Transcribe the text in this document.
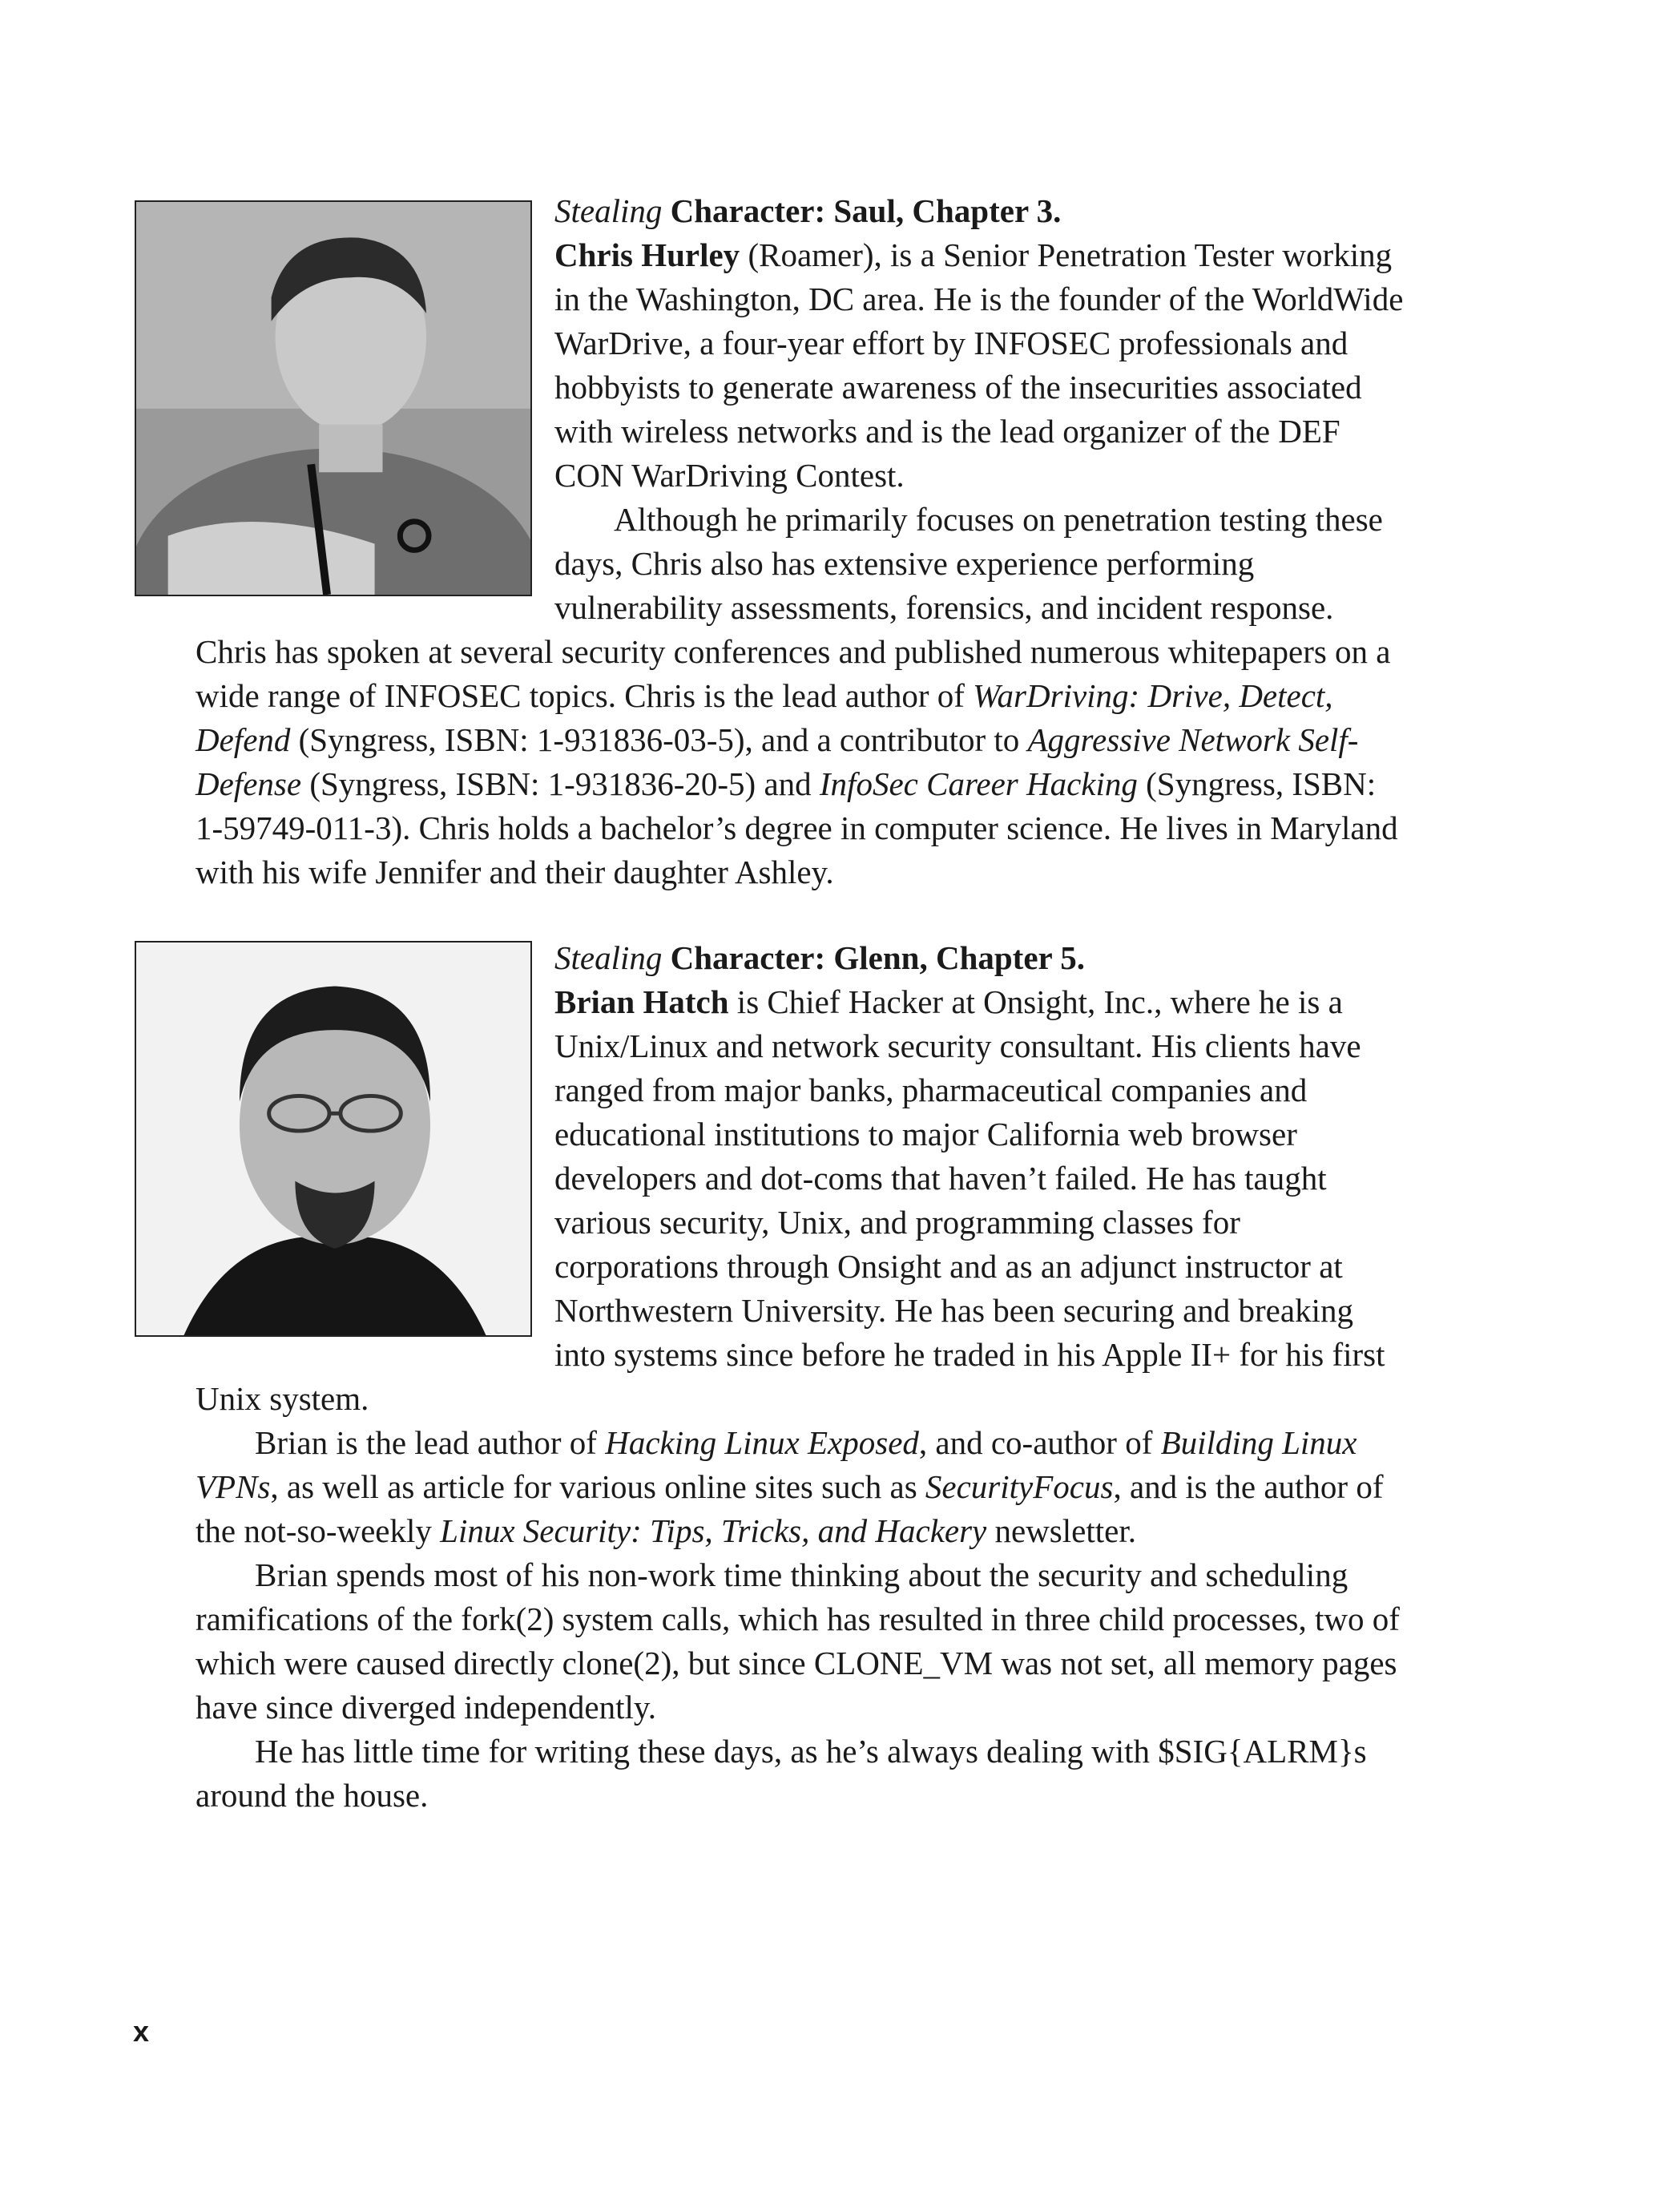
Stealing Character: Saul, Chapter 3.

Chris Hurley (Roamer), is a Senior Penetration Tester working in the Washington, DC area. He is the founder of the WorldWide WarDrive, a four-year effort by INFOSEC professionals and hobbyists to generate awareness of the insecurities associated with wireless networks and is the lead organizer of the DEF CON WarDriving Contest.

Although he primarily focuses on penetration testing these days, Chris also has extensive experience performing vulnerability assessments, forensics, and incident response. Chris has spoken at several security conferences and published numerous whitepapers on a wide range of INFOSEC topics. Chris is the lead author of WarDriving: Drive, Detect, Defend (Syngress, ISBN: 1-931836-03-5), and a contributor to Aggressive Network Self-Defense (Syngress, ISBN: 1-931836-20-5) and InfoSec Career Hacking (Syngress, ISBN: 1-59749-011-3). Chris holds a bachelor’s degree in computer science. He lives in Maryland with his wife Jennifer and their daughter Ashley.

Stealing Character: Glenn, Chapter 5.

Brian Hatch is Chief Hacker at Onsight, Inc., where he is a Unix/Linux and network security consultant. His clients have ranged from major banks, pharmaceutical companies and educational institutions to major California web browser developers and dot-coms that haven’t failed. He has taught various security, Unix, and programming classes for corporations through Onsight and as an adjunct instructor at Northwestern University. He has been securing and breaking into systems since before he traded in his Apple II+ for his first Unix system.

Brian is the lead author of Hacking Linux Exposed, and co-author of Building Linux VPNs, as well as article for various online sites such as SecurityFocus, and is the author of the not-so-weekly Linux Security: Tips, Tricks, and Hackery newsletter.

Brian spends most of his non-work time thinking about the security and scheduling ramifications of the fork(2) system calls, which has resulted in three child processes, two of which were caused directly clone(2), but since CLONE_VM was not set, all memory pages have since diverged independently.

He has little time for writing these days, as he’s always dealing with $SIG{ALRM}s around the house.

x
